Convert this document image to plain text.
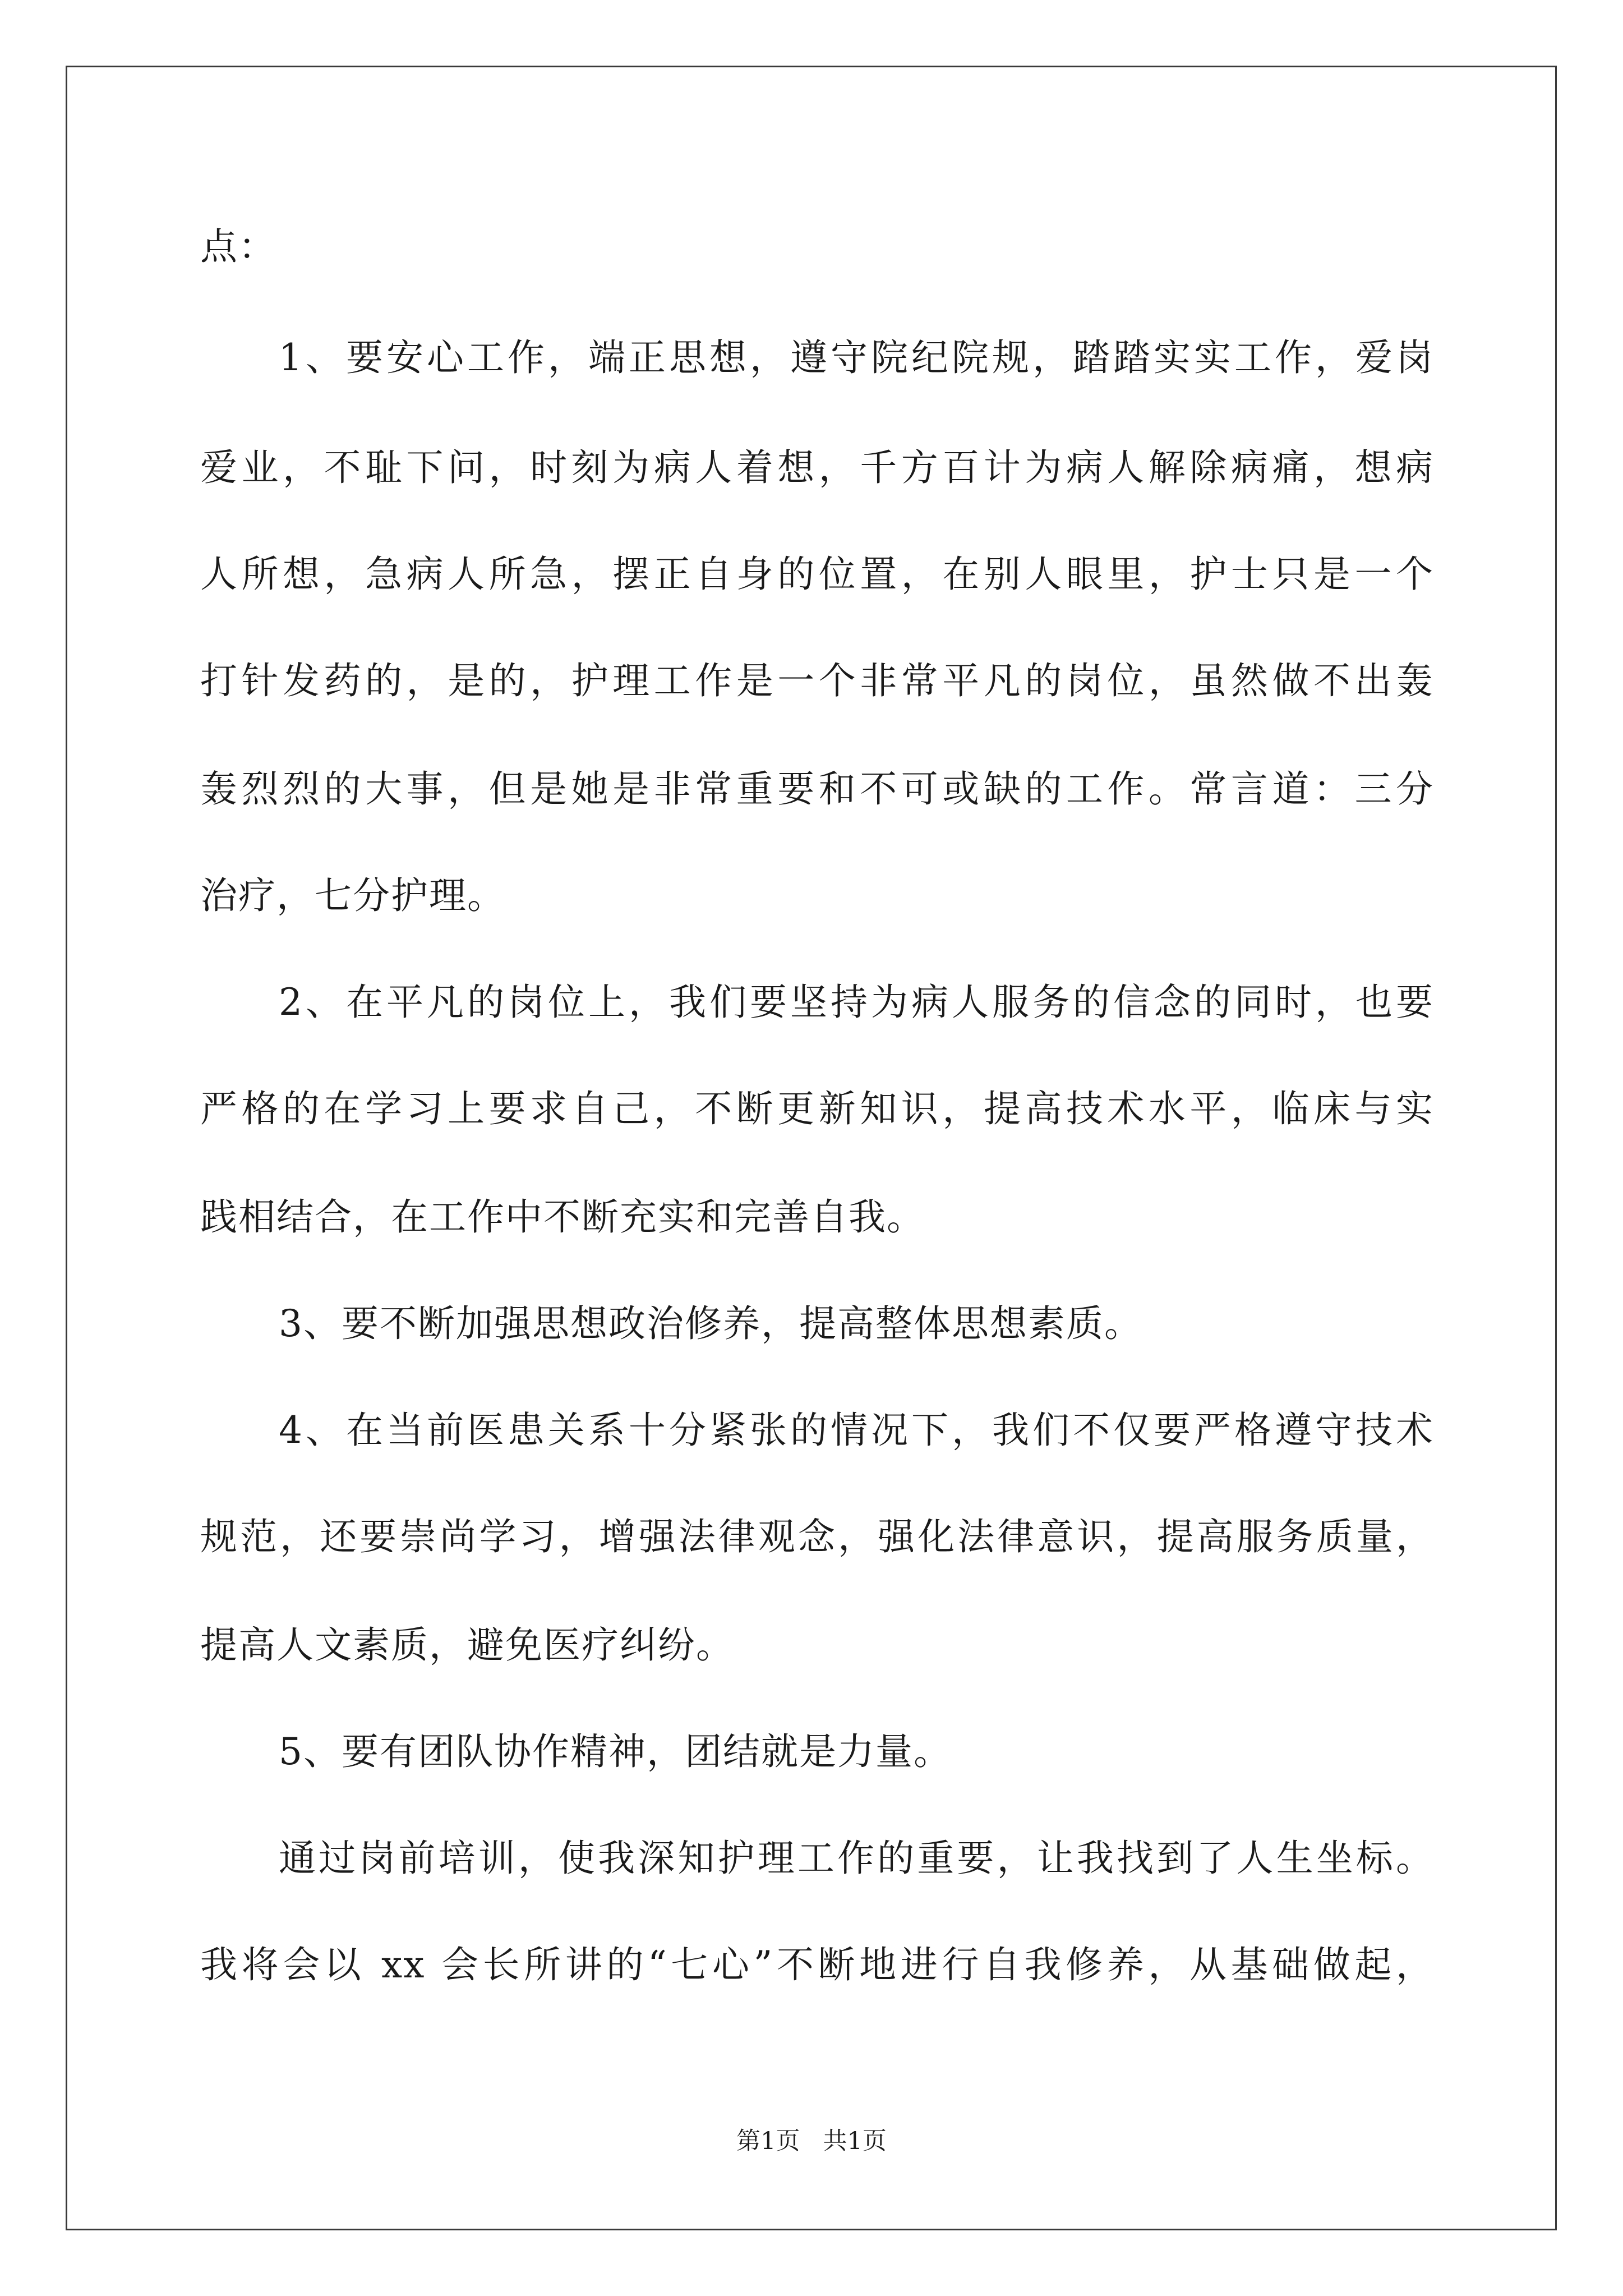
点：
1、要安心工作，端正思想，遵守院纪院规，踏踏实实工作，爱岗
爱业，不耻下问，时刻为病人着想，千方百计为病人解除病痛，想病
人所想，急病人所急，摆正自身的位置，在别人眼里，护士只是一个
打针发药的，是的，护理工作是一个非常平凡的岗位，虽然做不出轰
轰烈烈的大事，但是她是非常重要和不可或缺的工作。常言道：三分
治疗，七分护理。
2、在平凡的岗位上，我们要坚持为病人服务的信念的同时，也要
严格的在学习上要求自己，不断更新知识，提高技术水平，临床与实
践相结合，在工作中不断充实和完善自我。
3、要不断加强思想政治修养，提高整体思想素质。
4、在当前医患关系十分紧张的情况下，我们不仅要严格遵守技术
规范，还要崇尚学习，增强法律观念，强化法律意识，提高服务质量，
提高人文素质，避免医疗纠纷。
5、要有团队协作精神，团结就是力量。
通过岗前培训，使我深知护理工作的重要，让我找到了人生坐标。
我将会以 xx 会长所讲的“七心”不断地进行自我修养，从基础做起，
第1页   共1页
